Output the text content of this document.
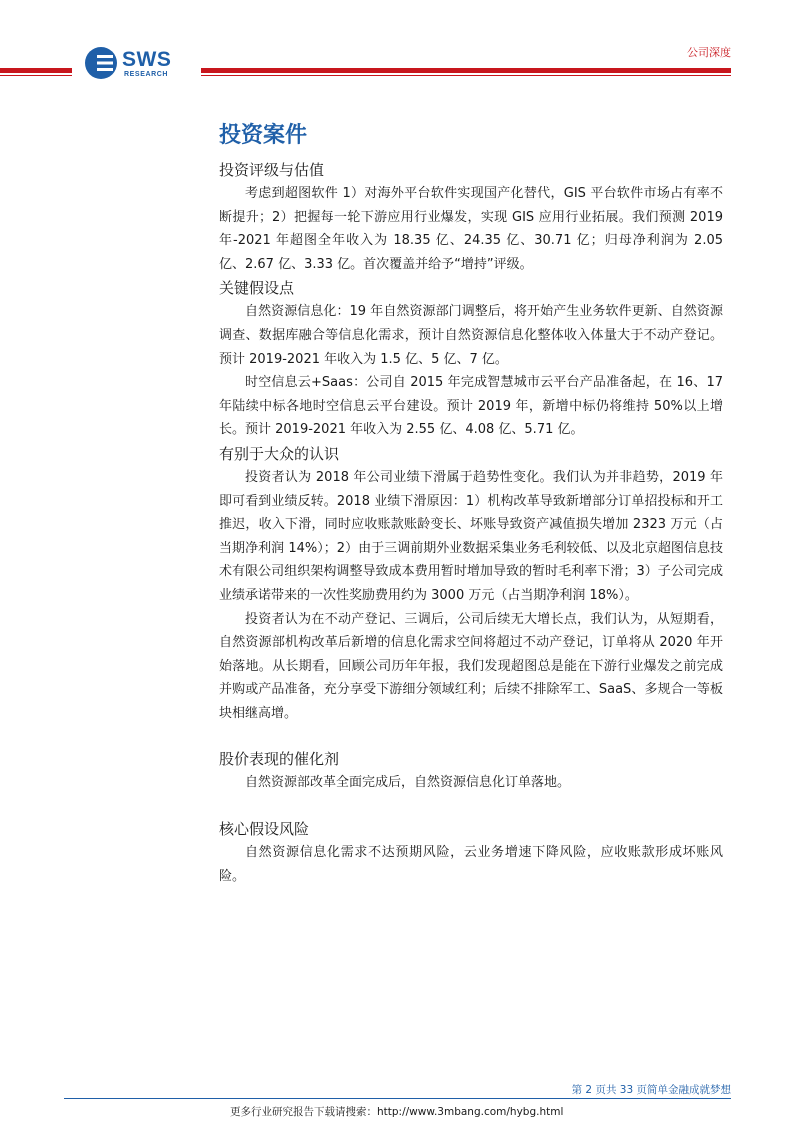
SWS
RESEARCH
公司深度
投资案件
投资评级与估值
考虑到超图软件 1）对海外平台软件实现国产化替代，GIS 平台软件市场占有率不断提升；2）把握每一轮下游应用行业爆发，实现 GIS 应用行业拓展。我们预测 2019年-2021 年超图全年收入为 18.35 亿、24.35 亿、30.71 亿；归母净利润为 2.05 亿、2.67 亿、3.33 亿。首次覆盖并给予“增持”评级。
关键假设点
自然资源信息化：19 年自然资源部门调整后，将开始产生业务软件更新、自然资源调查、数据库融合等信息化需求，预计自然资源信息化整体收入体量大于不动产登记。预计 2019-2021 年收入为 1.5 亿、5 亿、7 亿。
时空信息云+Saas：公司自 2015 年完成智慧城市云平台产品准备起，在 16、17 年陆续中标各地时空信息云平台建设。预计 2019 年，新增中标仍将维持 50%以上增长。预计 2019-2021 年收入为 2.55 亿、4.08 亿、5.71 亿。
有别于大众的认识
投资者认为 2018 年公司业绩下滑属于趋势性变化。我们认为并非趋势，2019 年即可看到业绩反转。2018 业绩下滑原因：1）机构改革导致新增部分订单招投标和开工推迟，收入下滑，同时应收账款账龄变长、坏账导致资产减值损失增加 2323 万元（占当期净利润 14%）；2）由于三调前期外业数据采集业务毛利较低、以及北京超图信息技术有限公司组织架构调整导致成本费用暂时增加导致的暂时毛利率下滑；3）子公司完成业绩承诺带来的一次性奖励费用约为 3000 万元（占当期净利润 18%）。
投资者认为在不动产登记、三调后，公司后续无大增长点，我们认为，从短期看，自然资源部机构改革后新增的信息化需求空间将超过不动产登记，订单将从 2020 年开始落地。从长期看，回顾公司历年年报，我们发现超图总是能在下游行业爆发之前完成并购或产品准备，充分享受下游细分领域红利；后续不排除军工、SaaS、多规合一等板块相继高增。
股价表现的催化剂
自然资源部改革全面完成后，自然资源信息化订单落地。
核心假设风险
自然资源信息化需求不达预期风险，云业务增速下降风险，应收账款形成坏账风险。
第 2 页共 33 页简单金融成就梦想
更多行业研究报告下载请搜索：http://www.3mbang.com/hybg.html
